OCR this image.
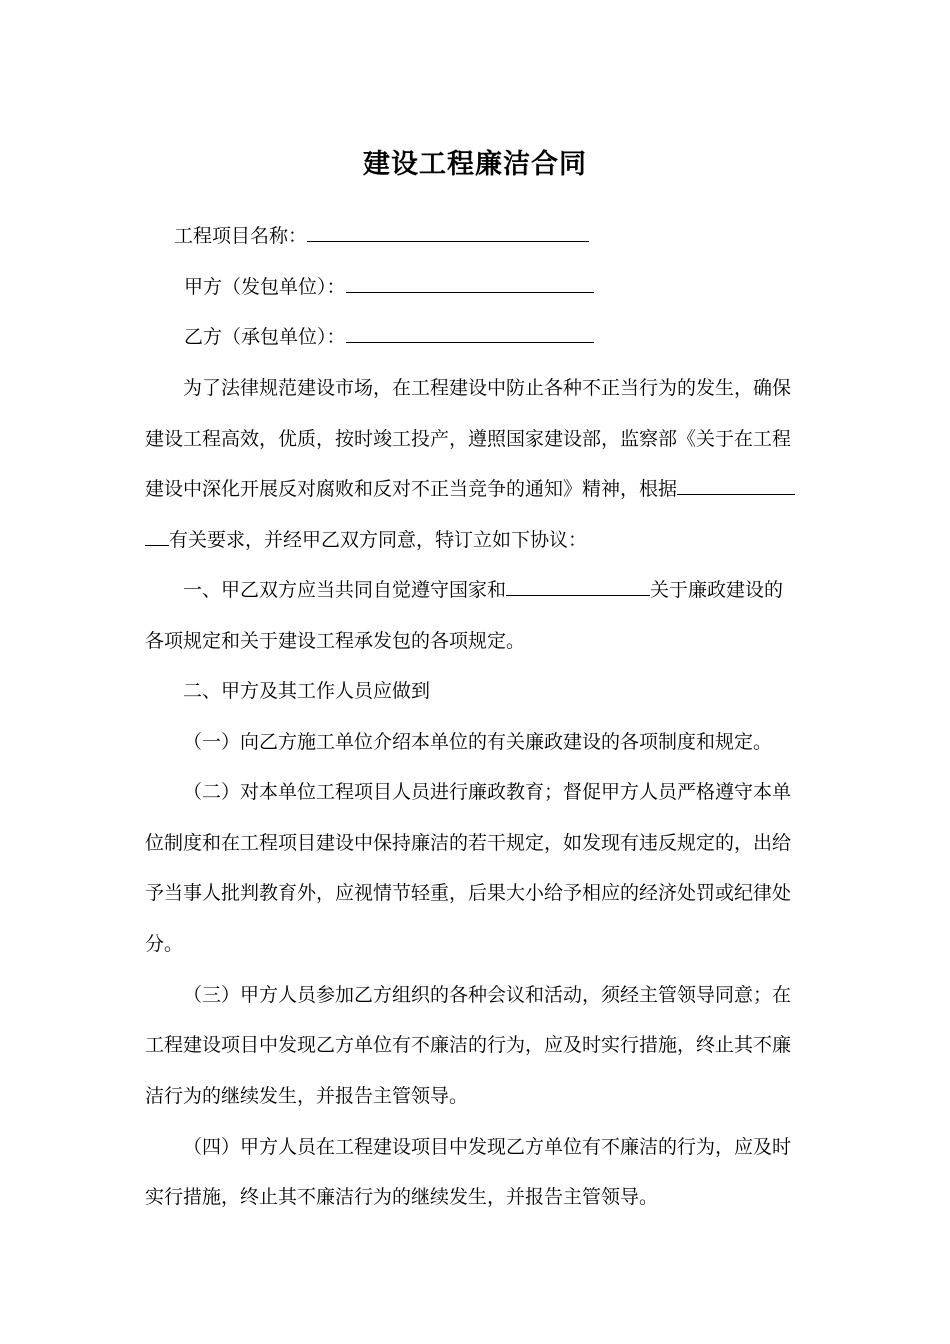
建设工程廉洁合同
工程项目名称：
甲方（发包单位）：
乙方（承包单位）：
为了法律规范建设市场，在工程建设中防止各种不正当行为的发生，确保
建设工程高效，优质，按时竣工投产，遵照国家建设部，监察部《关于在工程
建设中深化开展反对腐败和反对不正当竞争的通知》精神，根据
有关要求，并经甲乙双方同意，特订立如下协议：
一、甲乙双方应当共同自觉遵守国家和	关于廉政建设的
各项规定和关于建设工程承发包的各项规定。
二、甲方及其工作人员应做到
（一）向乙方施工单位介绍本单位的有关廉政建设的各项制度和规定。
（二）对本单位工程项目人员进行廉政教育；督促甲方人员严格遵守本单
位制度和在工程项目建设中保持廉洁的若干规定，如发现有违反规定的，出给
予当事人批判教育外，应视情节轻重，后果大小给予相应的经济处罚或纪律处
分。
（三）甲方人员参加乙方组织的各种会议和活动，须经主管领导同意；在
工程建设项目中发现乙方单位有不廉洁的行为，应及时实行措施，终止其不廉
洁行为的继续发生，并报告主管领导。
（四）甲方人员在工程建设项目中发现乙方单位有不廉洁的行为，应及时
实行措施，终止其不廉洁行为的继续发生，并报告主管领导。
